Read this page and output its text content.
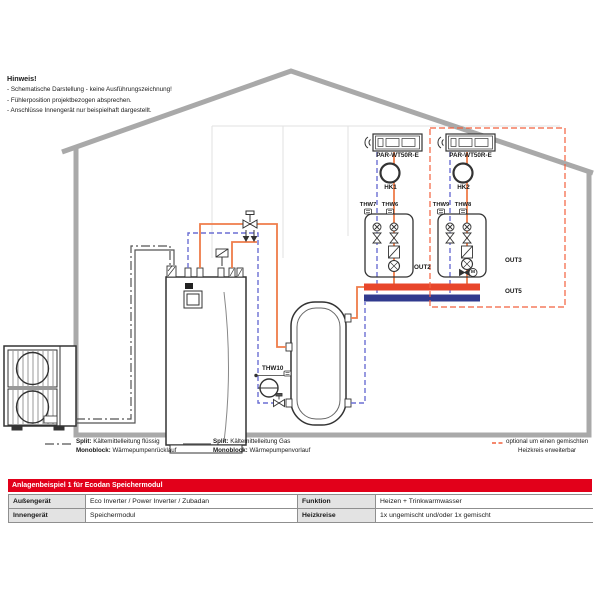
Hinweis!
- Schematische Darstellung - keine Ausführungszeichnung!
- Fühlerposition projektbezogen absprechen.
- Anschlüsse Innengerät nur beispielhaft dargestellt.
PAR-WT50R-E	PAR-WT50R-E
HK1	HK2
THW7 THW6	THW9 THW8
OUT2
OUT3
OUT5
M
THW10
Split: Kältemittelleitung flüssig
Monoblock: Wärmepumpenrücklauf
Split: Kältemittelleitung Gas
Monoblock: Wärmepumpenvorlauf
optional um einen gemischten
Heizkreis erweiterbar
Anlagenbeispiel 1 für Ecodan Speichermodul
Außengerät	Eco Inverter / Power Inverter / Zubadan	Funktion	Heizen + Trinkwarmwasser
Innengerät	Speichermodul	Heizkreise	1x ungemischt und/oder 1x gemischt
